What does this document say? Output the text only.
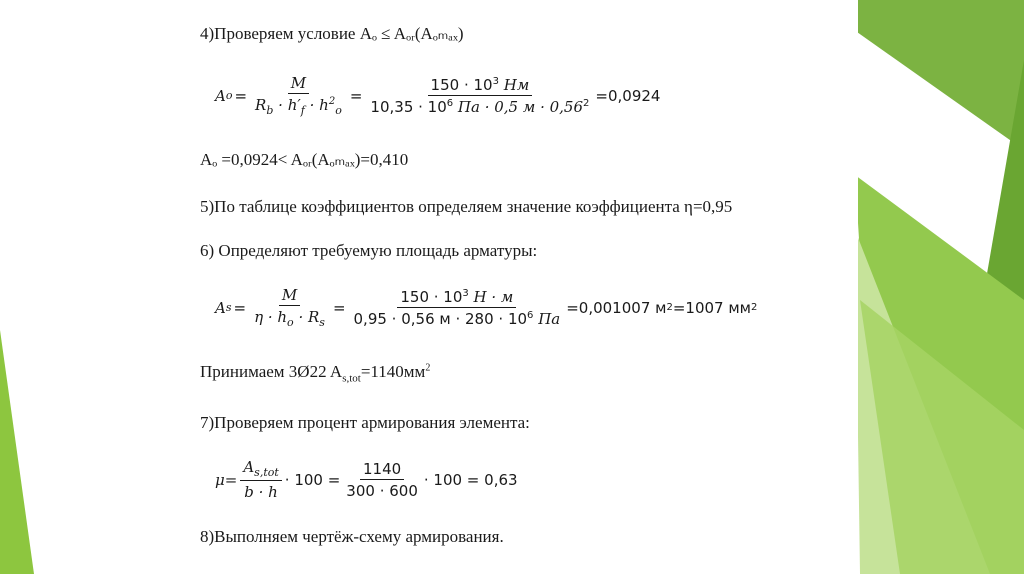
4)Проверяем условие Aₒ ≤ Aₒᵣ(Aₒₘₐₓ)
A $o = \frac{M}{R_b \cdot h'_f \cdot h^2_o} = \frac{150 \cdot 10^3 Нм}{10,35 \cdot 10^6 Па \cdot 0,5 м \cdot 0,56^2} =0,0924$
Aₒ =0,0924< Aₒᵣ(Aₒₘₐₓ)=0,410
5)По таблице коэффициентов определяем значение коэффициента η=0,95
6) Определяют требуемую площадь арматуры:
A $s = \frac{M}{\eta \cdot h_o \cdot R_s} = \frac{150 \cdot 10^3 Н \cdot м}{0,95 \cdot 0,56 м \cdot 280 \cdot 10^6 Па} =0,001007$ м 2 =1007 мм 2
Принимаем 3Ø22 $A_{s,tot}=1140мм^2$
7)Проверяем процент армирования элемента:
$\mu= \frac{A_{s,tot}}{b \cdot h} \cdot 100 = \frac{1140}{300 \cdot 600} \cdot 100 = 0,63$
8)Выполняем чертёж-схему армирования.
